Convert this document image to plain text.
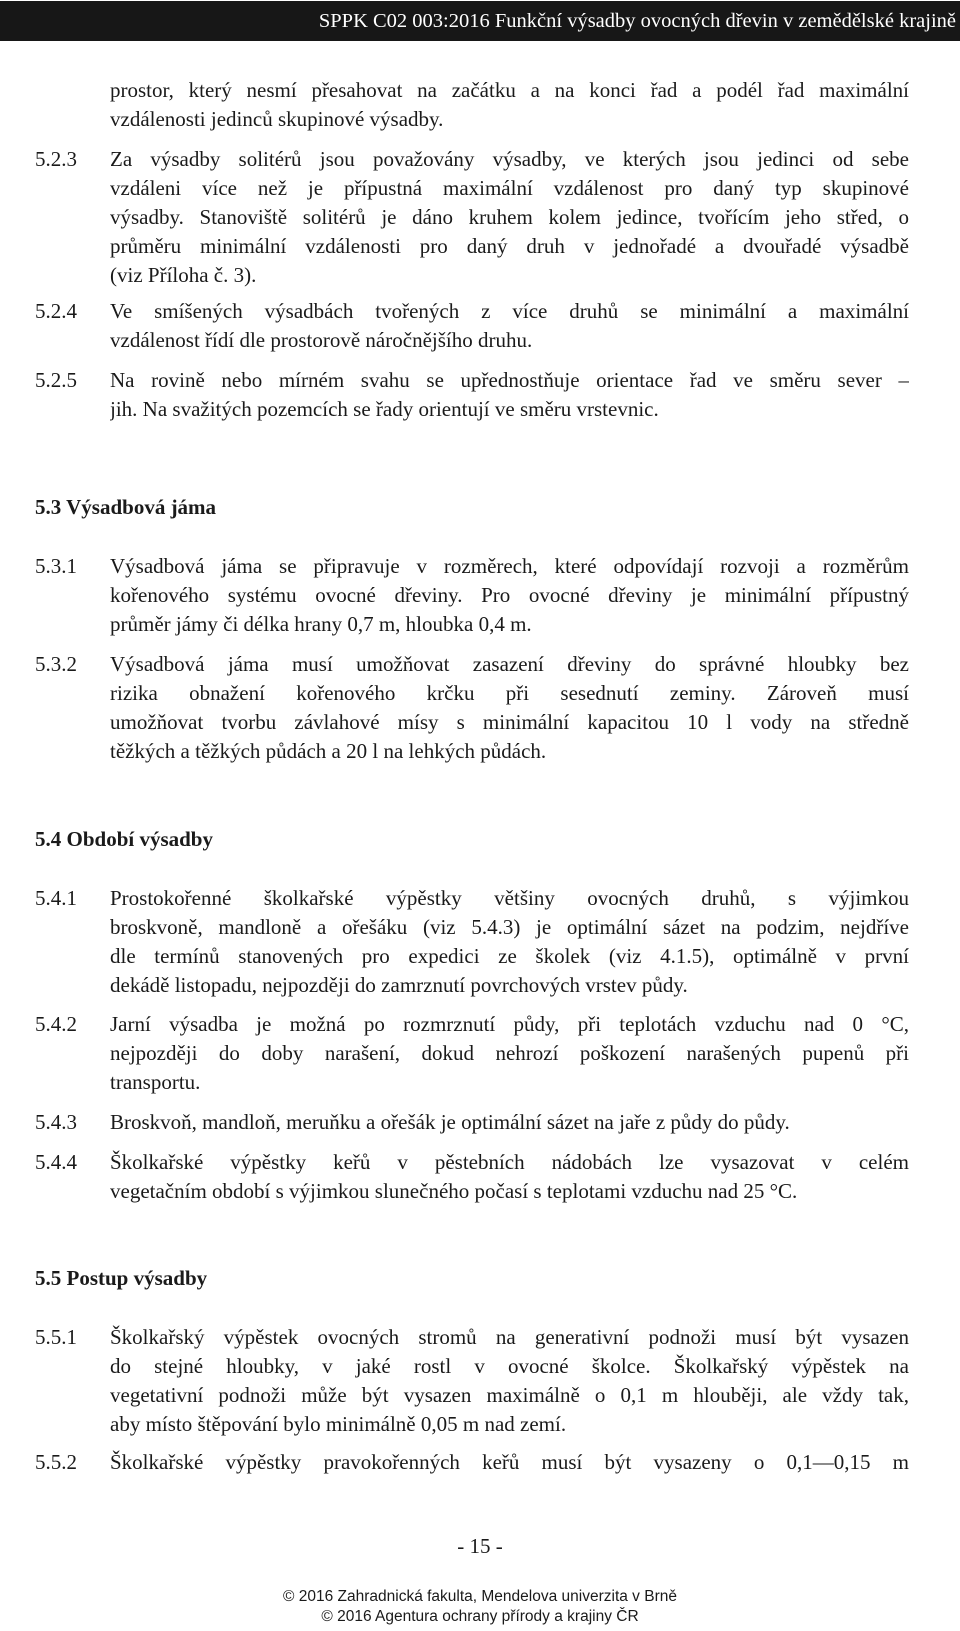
SPPK C02 003:2016 Funkční výsadby ovocných dřevin v zemědělské krajině
prostor, který nesmí přesahovat na začátku a na konci řad a podél řad maximální
vzdálenosti jedinců skupinové výsadby.
5.2.3 Za výsadby solitérů jsou považovány výsadby, ve kterých jsou jedinci od sebe
vzdáleni více než je přípustná maximální vzdálenost pro daný typ skupinové
výsadby. Stanoviště solitérů je dáno kruhem kolem jedince, tvořícím jeho střed, o
průměru minimální vzdálenosti pro daný druh v jednořadé a dvouřadé výsadbě
(viz Příloha č. 3).
5.2.4 Ve smíšených výsadbách tvořených z více druhů se minimální a maximální
vzdálenost řídí dle prostorově náročnějšího druhu.
5.2.5 Na rovině nebo mírném svahu se upřednostňuje orientace řad ve směru sever –
jih. Na svažitých pozemcích se řady orientují ve směru vrstevnic.
5.3 Výsadbová jáma
5.3.1 Výsadbová jáma se připravuje v rozměrech, které odpovídají rozvoji a rozměrům
kořenového systému ovocné dřeviny. Pro ovocné dřeviny je minimální přípustný
průměr jámy či délka hrany 0,7 m, hloubka 0,4 m.
5.3.2 Výsadbová jáma musí umožňovat zasazení dřeviny do správné hloubky bez
rizika obnažení kořenového krčku při sesednutí zeminy. Zároveň musí
umožňovat tvorbu závlahové mísy s minimální kapacitou 10 l vody na středně
těžkých a těžkých půdách a 20 l na lehkých půdách.
5.4 Období výsadby
5.4.1 Prostokořenné školkařské výpěstky většiny ovocných druhů, s výjimkou
broskvoně, mandloně a ořešáku (viz 5.4.3) je optimální sázet na podzim, nejdříve
dle termínů stanovených pro expedici ze školek (viz 4.1.5), optimálně v první
dekádě listopadu, nejpozději do zamrznutí povrchových vrstev půdy.
5.4.2 Jarní výsadba je možná po rozmrznutí půdy, při teplotách vzduchu nad 0 °C,
nejpozději do doby narašení, dokud nehrozí poškození narašených pupenů při
transportu.
5.4.3 Broskvoň, mandloň, meruňku a ořešák je optimální sázet na jaře z půdy do půdy.
5.4.4 Školkařské výpěstky keřů v pěstebních nádobách lze vysazovat v celém
vegetačním období s výjimkou slunečného počasí s teplotami vzduchu nad 25 °C.
5.5 Postup výsadby
5.5.1 Školkařský výpěstek ovocných stromů na generativní podnoži musí být vysazen
do stejné hloubky, v jaké rostl v ovocné školce. Školkařský výpěstek na
vegetativní podnoži může být vysazen maximálně o 0,1 m hlouběji, ale vždy tak,
aby místo štěpování bylo minimálně 0,05 m nad zemí.
5.5.2 Školkařské výpěstky pravokořenných keřů musí být vysazeny o 0,1—0,15 m
- 15 -
© 2016 Zahradnická fakulta, Mendelova univerzita v Brně
© 2016 Agentura ochrany přírody a krajiny ČR
